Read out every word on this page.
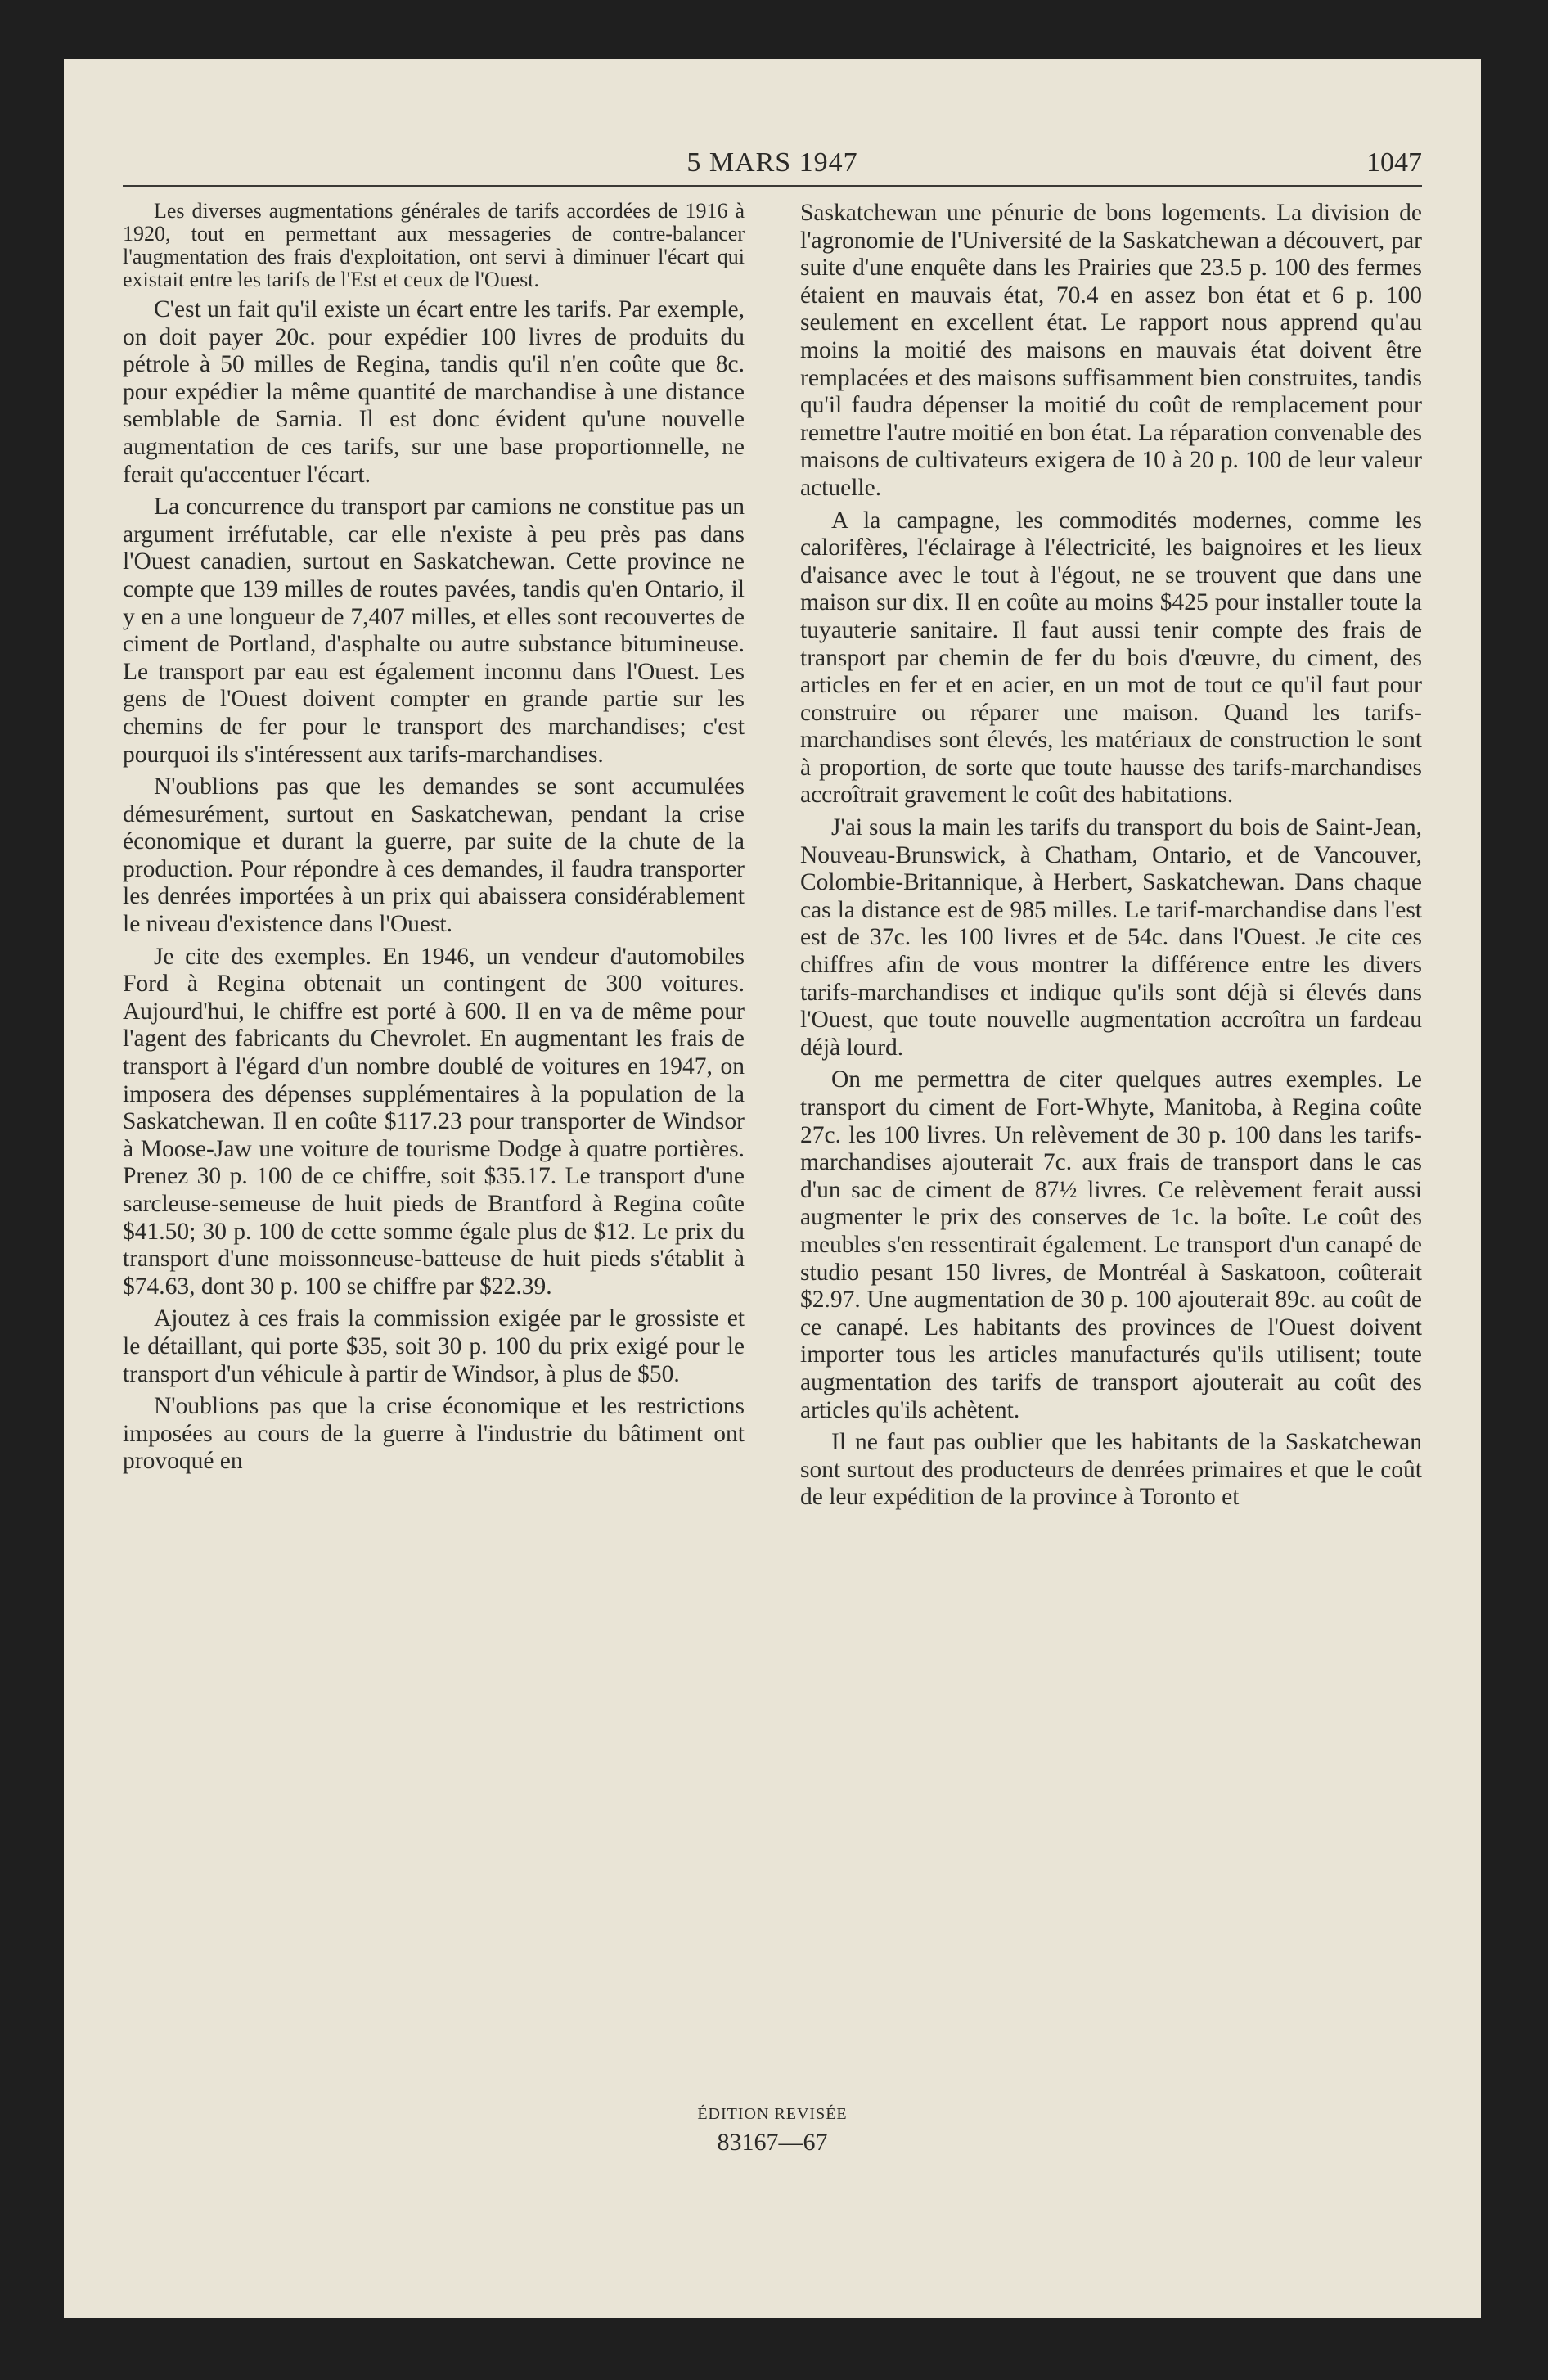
5 MARS 1947	1047

Les diverses augmentations générales de tarifs accordées de 1916 à 1920, tout en permettant aux messageries de contre-balancer l'augmentation des frais d'exploitation, ont servi à diminuer l'écart qui existait entre les tarifs de l'Est et ceux de l'Ouest.

C'est un fait qu'il existe un écart entre les tarifs. Par exemple, on doit payer 20c. pour expédier 100 livres de produits du pétrole à 50 milles de Regina, tandis qu'il n'en coûte que 8c. pour expédier la même quantité de marchandise à une distance semblable de Sarnia. Il est donc évident qu'une nouvelle augmentation de ces tarifs, sur une base proportionnelle, ne ferait qu'accentuer l'écart.

La concurrence du transport par camions ne constitue pas un argument irréfutable, car elle n'existe à peu près pas dans l'Ouest canadien, surtout en Saskatchewan. Cette province ne compte que 139 milles de routes pavées, tandis qu'en Ontario, il y en a une longueur de 7,407 milles, et elles sont recouvertes de ciment de Portland, d'asphalte ou autre substance bitumineuse. Le transport par eau est également inconnu dans l'Ouest. Les gens de l'Ouest doivent compter en grande partie sur les chemins de fer pour le transport des marchandises; c'est pourquoi ils s'intéressent aux tarifs-marchandises.

N'oublions pas que les demandes se sont accumulées démesurément, surtout en Saskatchewan, pendant la crise économique et durant la guerre, par suite de la chute de la production. Pour répondre à ces demandes, il faudra transporter les denrées importées à un prix qui abaissera considérablement le niveau d'existence dans l'Ouest.

Je cite des exemples. En 1946, un vendeur d'automobiles Ford à Regina obtenait un contingent de 300 voitures. Aujourd'hui, le chiffre est porté à 600. Il en va de même pour l'agent des fabricants du Chevrolet. En augmentant les frais de transport à l'égard d'un nombre doublé de voitures en 1947, on imposera des dépenses supplémentaires à la population de la Saskatchewan. Il en coûte $117.23 pour transporter de Windsor à Moose-Jaw une voiture de tourisme Dodge à quatre portières. Prenez 30 p. 100 de ce chiffre, soit $35.17. Le transport d'une sarcleuse-semeuse de huit pieds de Brantford à Regina coûte $41.50; 30 p. 100 de cette somme égale plus de $12. Le prix du transport d'une moissonneuse-batteuse de huit pieds s'établit à $74.63, dont 30 p. 100 se chiffre par $22.39.

Ajoutez à ces frais la commission exigée par le grossiste et le détaillant, qui porte $35, soit 30 p. 100 du prix exigé pour le transport d'un véhicule à partir de Windsor, à plus de $50.

N'oublions pas que la crise économique et les restrictions imposées au cours de la guerre à l'industrie du bâtiment ont provoqué en

Saskatchewan une pénurie de bons logements. La division de l'agronomie de l'Université de la Saskatchewan a découvert, par suite d'une enquête dans les Prairies que 23.5 p. 100 des fermes étaient en mauvais état, 70.4 en assez bon état et 6 p. 100 seulement en excellent état. Le rapport nous apprend qu'au moins la moitié des maisons en mauvais état doivent être remplacées et des maisons suffisamment bien construites, tandis qu'il faudra dépenser la moitié du coût de remplacement pour remettre l'autre moitié en bon état. La réparation convenable des maisons de cultivateurs exigera de 10 à 20 p. 100 de leur valeur actuelle.

A la campagne, les commodités modernes, comme les calorifères, l'éclairage à l'électricité, les baignoires et les lieux d'aisance avec le tout à l'égout, ne se trouvent que dans une maison sur dix. Il en coûte au moins $425 pour installer toute la tuyauterie sanitaire. Il faut aussi tenir compte des frais de transport par chemin de fer du bois d'œuvre, du ciment, des articles en fer et en acier, en un mot de tout ce qu'il faut pour construire ou réparer une maison. Quand les tarifs-marchandises sont élevés, les matériaux de construction le sont à proportion, de sorte que toute hausse des tarifs-marchandises accroîtrait gravement le coût des habitations.

J'ai sous la main les tarifs du transport du bois de Saint-Jean, Nouveau-Brunswick, à Chatham, Ontario, et de Vancouver, Colombie-Britannique, à Herbert, Saskatchewan. Dans chaque cas la distance est de 985 milles. Le tarif-marchandise dans l'est est de 37c. les 100 livres et de 54c. dans l'Ouest. Je cite ces chiffres afin de vous montrer la différence entre les divers tarifs-marchandises et indique qu'ils sont déjà si élevés dans l'Ouest, que toute nouvelle augmentation accroîtra un fardeau déjà lourd.

On me permettra de citer quelques autres exemples. Le transport du ciment de Fort-Whyte, Manitoba, à Regina coûte 27c. les 100 livres. Un relèvement de 30 p. 100 dans les tarifs-marchandises ajouterait 7c. aux frais de transport dans le cas d'un sac de ciment de 87½ livres. Ce relèvement ferait aussi augmenter le prix des conserves de 1c. la boîte. Le coût des meubles s'en ressentirait également. Le transport d'un canapé de studio pesant 150 livres, de Montréal à Saskatoon, coûterait $2.97. Une augmentation de 30 p. 100 ajouterait 89c. au coût de ce canapé. Les habitants des provinces de l'Ouest doivent importer tous les articles manufacturés qu'ils utilisent; toute augmentation des tarifs de transport ajouterait au coût des articles qu'ils achètent.

Il ne faut pas oublier que les habitants de la Saskatchewan sont surtout des producteurs de denrées primaires et que le coût de leur expédition de la province à Toronto et

ÉDITION REVISÉE
83167—67
